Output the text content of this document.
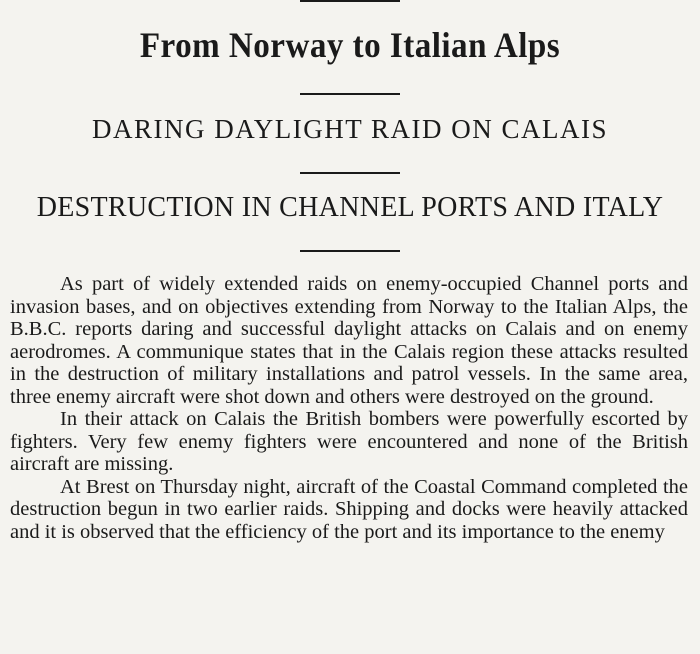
From Norway to Italian Alps
DARING DAYLIGHT RAID ON CALAIS
DESTRUCTION IN CHANNEL PORTS AND ITALY

As part of widely extended raids on enemy-occupied Channel ports and invasion bases, and on objectives extending from Norway to the Italian Alps, the B.B.C. reports daring and successful daylight attacks on Calais and on enemy aerodromes. A communique states that in the Calais region these attacks resulted in the destruction of military installations and patrol vessels. In the same area, three enemy aircraft were shot down and others were destroyed on the ground.

In their attack on Calais the British bombers were powerfully escorted by fighters. Very few enemy fighters were encountered and none of the British aircraft are missing.

At Brest on Thursday night, aircraft of the Coastal Command completed the destruction begun in two earlier raids. Shipping and docks were heavily attacked and it is observed that the efficiency of the port and its importance to the enemy
